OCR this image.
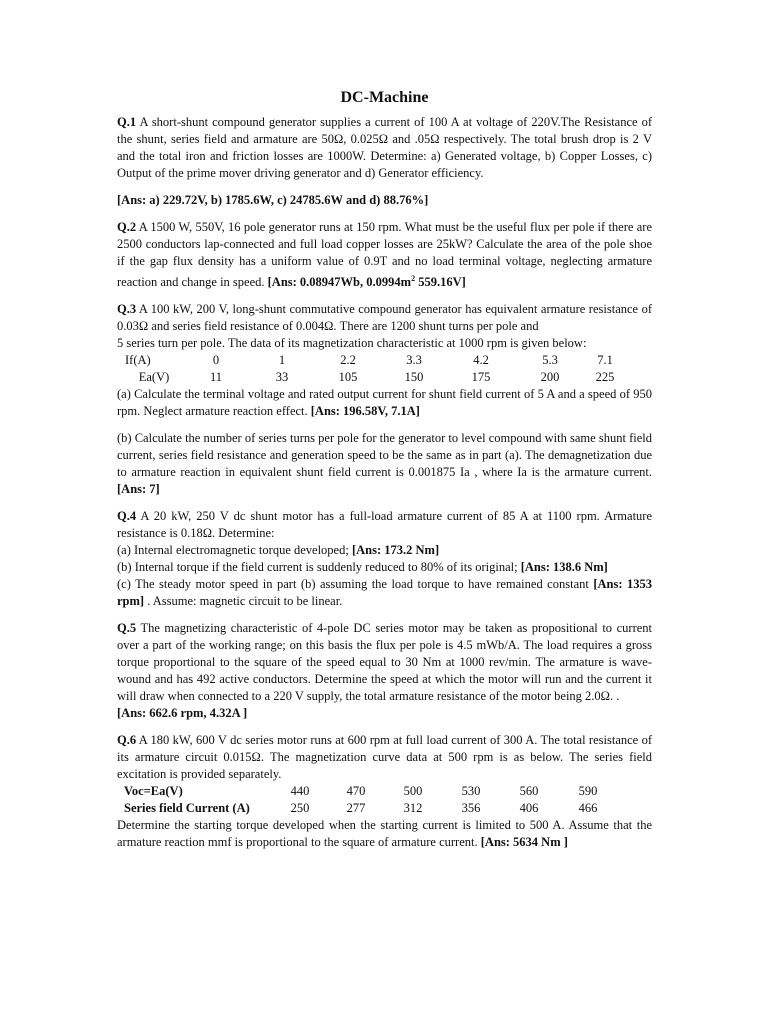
DC-Machine

Q.1 A short-shunt compound generator supplies a current of 100 A at voltage of 220V.The Resistance of the shunt, series field and armature are 50Ω, 0.025Ω and .05Ω respectively. The total brush drop is 2 V and the total iron and friction losses are 1000W. Determine: a) Generated voltage, b) Copper Losses, c) Output of the prime mover driving generator and d) Generator efficiency.

[Ans: a) 229.72V, b) 1785.6W, c) 24785.6W and d) 88.76%]

Q.2 A 1500 W, 550V, 16 pole generator runs at 150 rpm. What must be the useful flux per pole if there are 2500 conductors lap-connected and full load copper losses are 25kW? Calculate the area of the pole shoe if the gap flux density has a uniform value of 0.9T and no load terminal voltage, neglecting armature reaction and change in speed. [Ans: 0.08947Wb, $0.0994m^2$ 559.16V]

Q.3 A 100 kW, 200 V, long-shunt commutative compound generator has equivalent armature resistance of 0.03Ω and series field resistance of 0.004Ω. There are 1200 shunt turns per pole and
5 series turn per pole. The data of its magnetization characteristic at 1000 rpm is given below:
If(A)	0	1	2.2	3.3	4.2	5.3	7.1
Ea(V)	11	33	105	150	175	200	225
(a) Calculate the terminal voltage and rated output current for shunt field current of 5 A and a speed of 950 rpm. Neglect armature reaction effect. [Ans: 196.58V, 7.1A]

(b) Calculate the number of series turns per pole for the generator to level compound with same shunt field current, series field resistance and generation speed to be the same as in part (a). The demagnetization due to armature reaction in equivalent shunt field current is 0.001875 Ia , where Ia is the armature current. [Ans: 7]

Q.4 A 20 kW, 250 V dc shunt motor has a full-load armature current of 85 A at 1100 rpm. Armature resistance is 0.18Ω. Determine:
(a) Internal electromagnetic torque developed; [Ans: 173.2 Nm]
(b) Internal torque if the field current is suddenly reduced to 80% of its original; [Ans: 138.6 Nm]
(c) The steady motor speed in part (b) assuming the load torque to have remained constant [Ans: 1353 rpm] . Assume: magnetic circuit to be linear.

Q.5 The magnetizing characteristic of 4-pole DC series motor may be taken as propositional to current over a part of the working range; on this basis the flux per pole is 4.5 mWb/A. The load requires a gross torque proportional to the square of the speed equal to 30 Nm at 1000 rev/min. The armature is wave-wound and has 492 active conductors. Determine the speed at which the motor will run and the current it will draw when connected to a 220 V supply, the total armature resistance of the motor being 2.0Ω. .
[Ans: 662.6 rpm, 4.32A ]

Q.6 A 180 kW, 600 V dc series motor runs at 600 rpm at full load current of 300 A. The total resistance of its armature circuit 0.015Ω. The magnetization curve data at 500 rpm is as below. The series field excitation is provided separately.
Voc=Ea(V)	440	470	500	530	560	590
Series field Current (A)	250	277	312	356	406	466
Determine the starting torque developed when the starting current is limited to 500 A. Assume that the armature reaction mmf is proportional to the square of armature current. [Ans: 5634 Nm ]
